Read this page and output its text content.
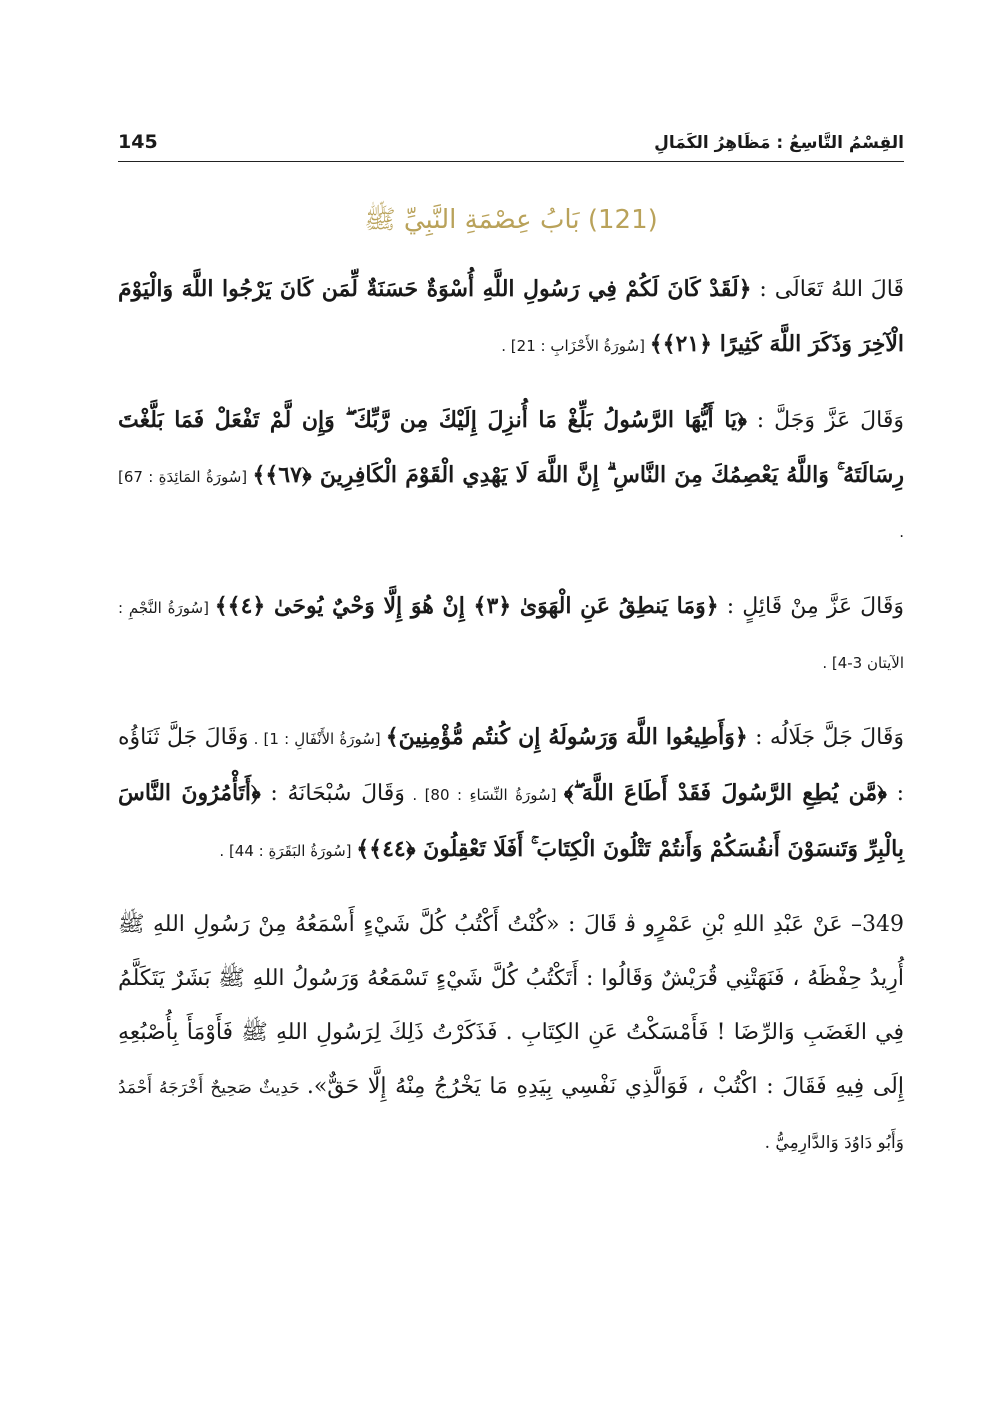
145	القِسْمُ التَّاسِعُ : مَظَاهِرُ الكَمَالِ
(121) بَابُ عِصْمَةِ النَّبِيِّ ﷺ

قَالَ اللهُ تَعَالَى : ﴿لَقَدْ كَانَ لَكُمْ فِي رَسُولِ اللَّهِ أُسْوَةٌ حَسَنَةٌ لِّمَن كَانَ يَرْجُوا اللَّهَ وَالْيَوْمَ الْآخِرَ وَذَكَرَ اللَّهَ كَثِيرًا ﴿٢١﴾﴾ [سُورَةُ الأَحْزَابِ : 21] .

وَقَالَ عَزَّ وَجَلَّ : ﴿يَا أَيُّهَا الرَّسُولُ بَلِّغْ مَا أُنزِلَ إِلَيْكَ مِن رَّبِّكَ ۖ وَإِن لَّمْ تَفْعَلْ فَمَا بَلَّغْتَ رِسَالَتَهُ ۚ وَاللَّهُ يَعْصِمُكَ مِنَ النَّاسِ ۗ إِنَّ اللَّهَ لَا يَهْدِي الْقَوْمَ الْكَافِرِينَ ﴿٦٧﴾﴾ [سُورَةُ المَائِدَةِ : 67] .

وَقَالَ عَزَّ مِنْ قَائِلٍ : ﴿وَمَا يَنطِقُ عَنِ الْهَوَىٰ ﴿٣﴾ إِنْ هُوَ إِلَّا وَحْيٌ يُوحَىٰ ﴿٤﴾﴾ [سُورَةُ النَّجْمِ : الآيتان 3-4] .

وَقَالَ جَلَّ جَلَالُه : ﴿وَأَطِيعُوا اللَّهَ وَرَسُولَهُ إِن كُنتُم مُّؤْمِنِينَ﴾ [سُورَةُ الأَنْفَالِ : 1] . وَقَالَ جَلَّ ثَنَاؤُه : ﴿مَّن يُطِعِ الرَّسُولَ فَقَدْ أَطَاعَ اللَّهَ ۖ﴾ [سُورَةُ النِّسَاءِ : 80] . وَقَالَ سُبْحَانَهُ : ﴿أَتَأْمُرُونَ النَّاسَ بِالْبِرِّ وَتَنسَوْنَ أَنفُسَكُمْ وَأَنتُمْ تَتْلُونَ الْكِتَابَ ۚ أَفَلَا تَعْقِلُونَ ﴿٤٤﴾﴾ [سُورَةُ البَقَرَةِ : 44] .

349– عَنْ عَبْدِ اللهِ بْنِ عَمْرٍو ﭬ قَالَ : «كُنْتُ أَكْتُبُ كُلَّ شَيْءٍ أَسْمَعُهُ مِنْ رَسُولِ اللهِ ﷺ أُرِيدُ حِفْظَهُ ، فَنَهَتْنِي قُرَيْشٌ وَقَالُوا : أَتَكْتُبُ كُلَّ شَيْءٍ تَسْمَعُهُ وَرَسُولُ اللهِ ﷺ بَشَرٌ يَتَكَلَّمُ فِي الغَضَبِ وَالرِّضَا ! فَأَمْسَكْتُ عَنِ الكِتَابِ . فَذَكَرْتُ ذَلِكَ لِرَسُولِ اللهِ ﷺ فَأَوْمَأَ بِأُصْبُعِهِ إِلَى فِيهِ فَقَالَ : اكْتُبْ ، فَوَالَّذِي نَفْسِي بِيَدِهِ مَا يَخْرُجُ مِنْهُ إِلَّا حَقٌّ». حَدِيثٌ صَحِيحٌ أَخْرَجَهُ أَحْمَدُ وَأَبُو دَاوُدَ وَالدَّارِمِيُّ .
